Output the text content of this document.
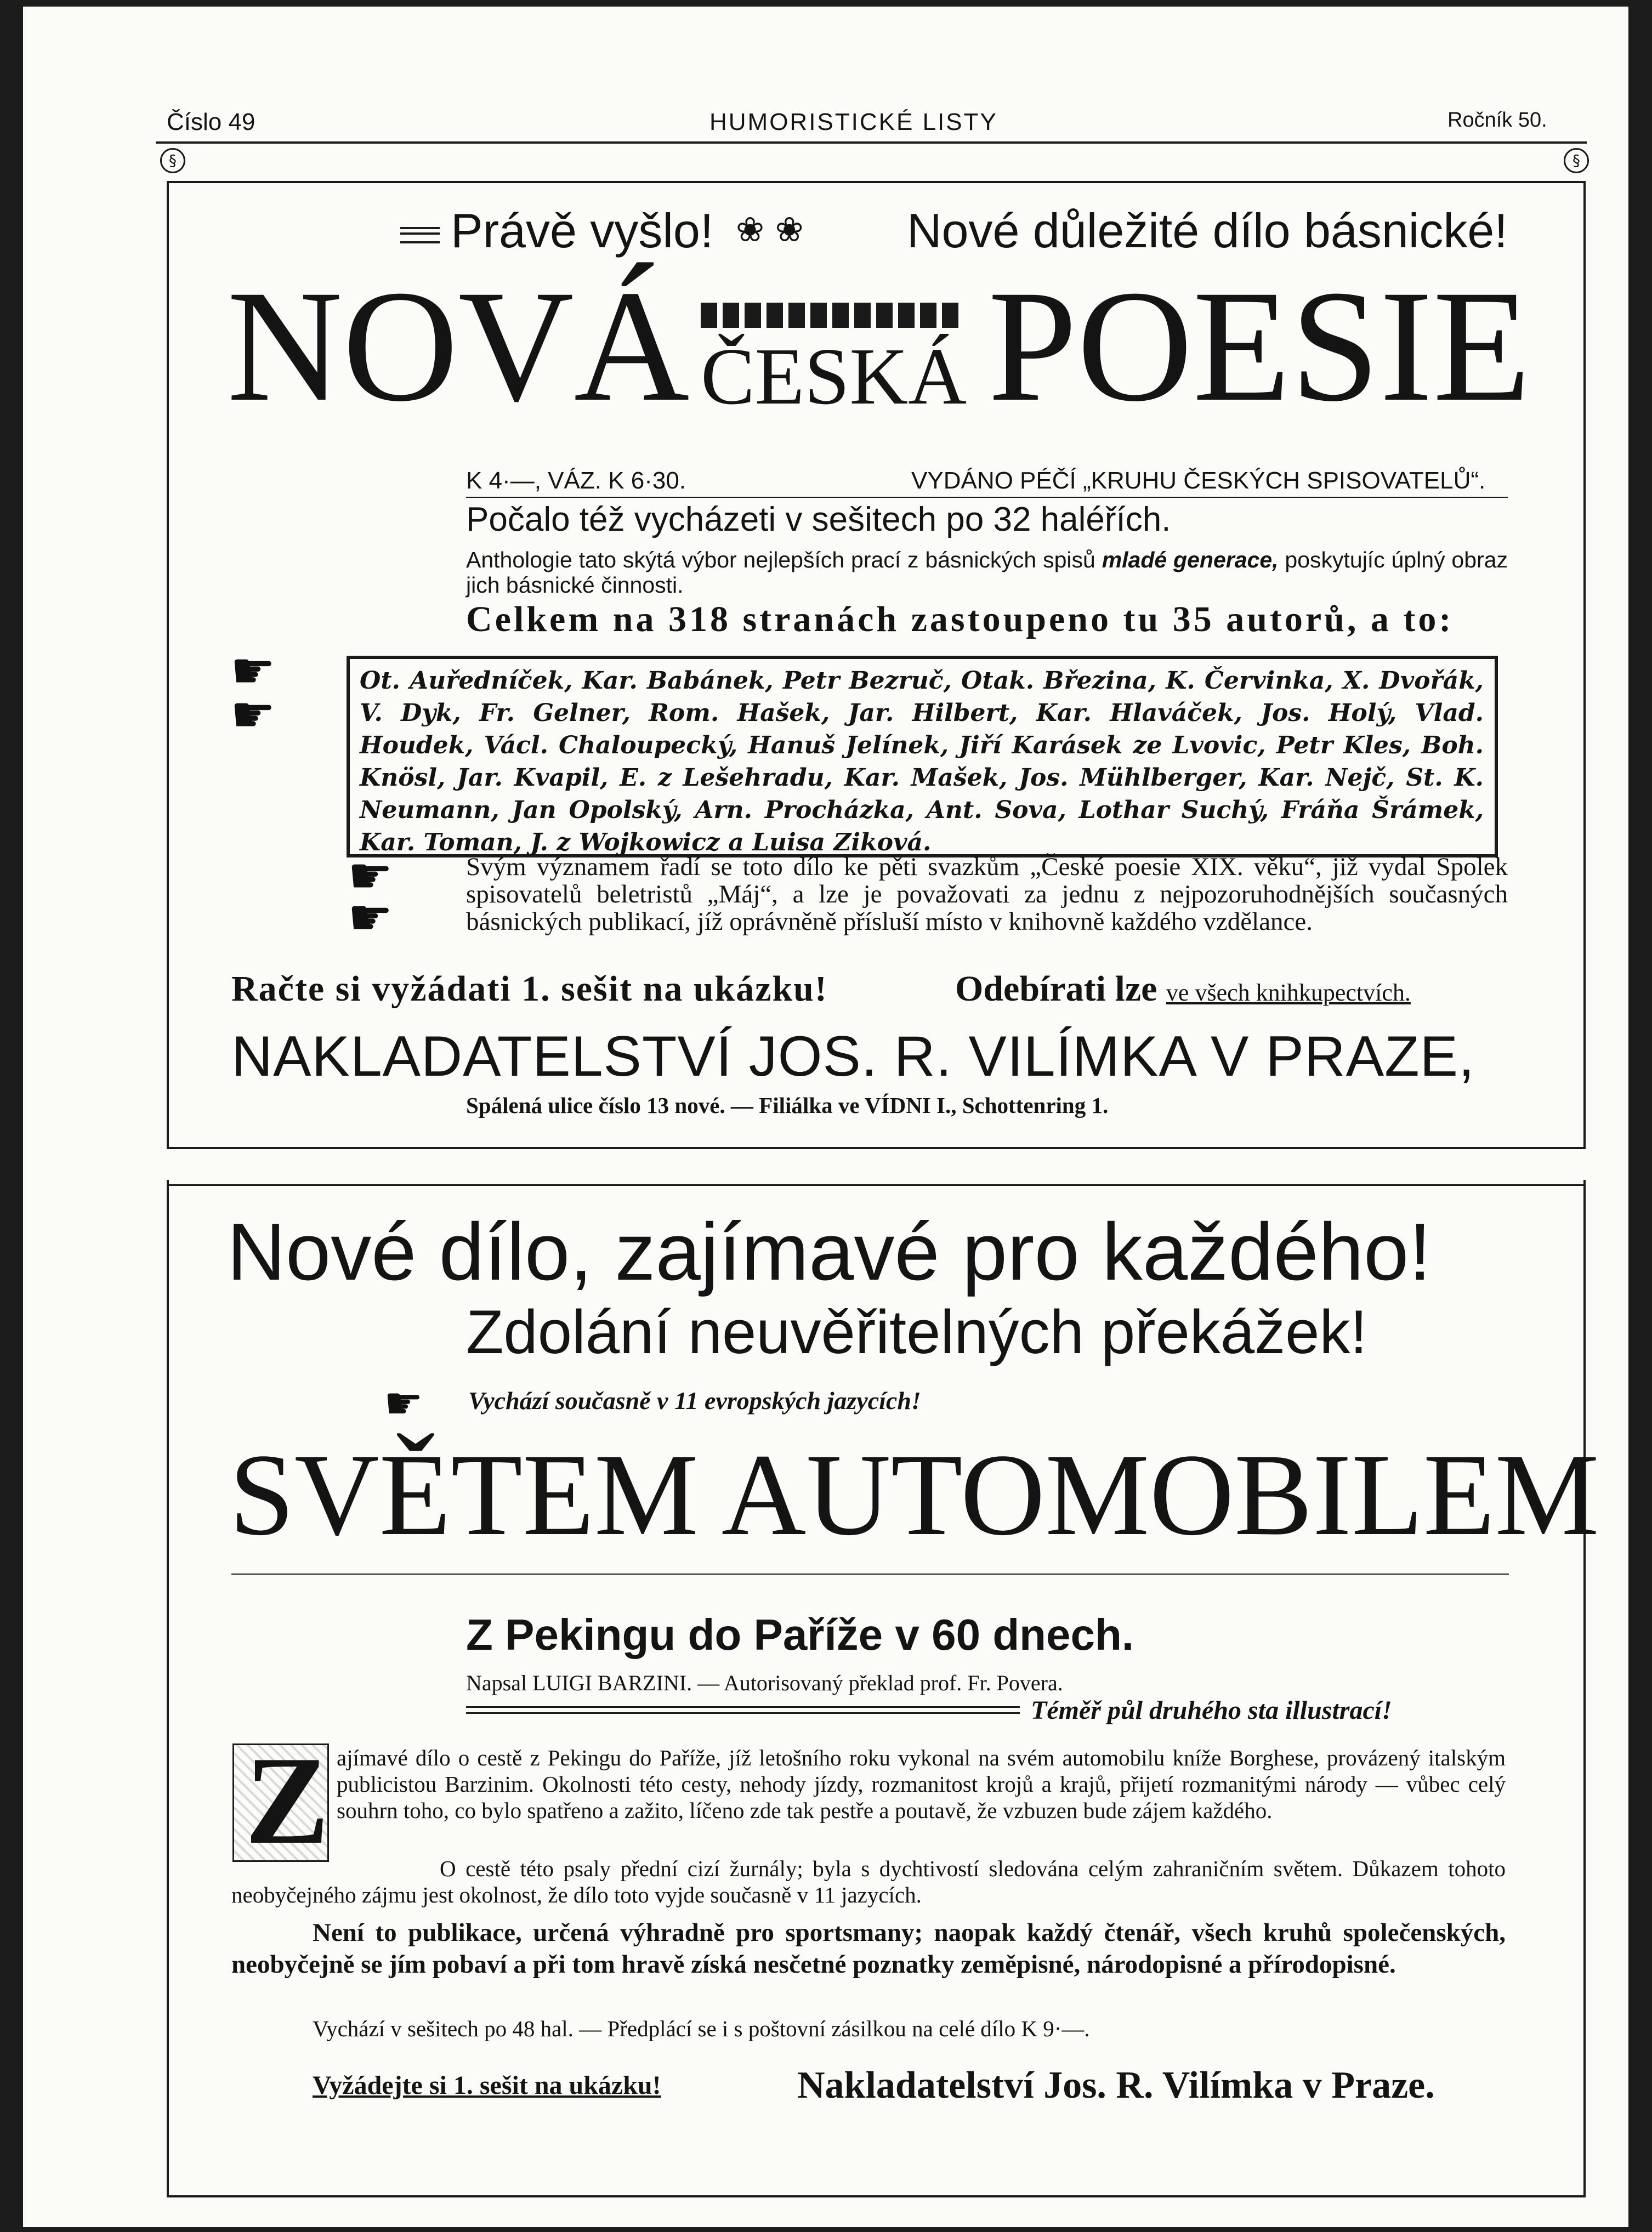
Číslo 49	HUMORISTICKÉ LISTY	Ročník 50.
§	§
Právě vyšlo! ❀ ❀ Nové důležité dílo básnické!
NOVÁ ČESKÁ POESIE
K 4·—, VÁZ. K 6·30.	VYDÁNO PÉČÍ „KRUHU ČESKÝCH SPISOVATELŮ“.
Počalo též vycházeti v sešitech po 32 haléřích.
Anthologie tato skýtá výbor nejlepších prací z básnických spisů mladé generace, poskytujíc úplný obraz jich básnické činnosti.
Celkem na 318 stranách zastoupeno tu 35 autorů, a to:
☛
☛
Ot. Auředníček, Kar. Babánek, Petr Bezruč, Otak. Březina, K. Červinka, X. Dvořák, V. Dyk, Fr. Gelner, Rom. Hašek, Jar. Hilbert, Kar. Hlaváček, Jos. Holý, Vlad. Houdek, Václ. Chaloupecký, Hanuš Jelínek, Jiří Karásek ze Lvovic, Petr Kles, Boh. Knösl, Jar. Kvapil, E. z Lešehradu, Kar. Mašek, Jos. Mühlberger, Kar. Nejč, St. K. Neumann, Jan Opolský, Arn. Procházka, Ant. Sova, Lothar Suchý, Fráňa Šrámek, Kar. Toman, J. z Wojkowicz a Luisa Ziková.
☛
☛
Svým významem řadí se toto dílo ke pěti svazkům „České poesie XIX. věku“, již vydal Spolek spisovatelů beletristů „Máj“, a lze je považovati za jednu z nejpozoruhodnějších současných básnických publikací, jíž oprávněně přísluší místo v knihovně každého vzdělance.
Račte si vyžádati 1. sešit na ukázku!	Odebírati lze ve všech knihkupectvích.
NAKLADATELSTVÍ JOS. R. VILÍMKA V PRAZE,
Spálená ulice číslo 13 nové. — Filiálka ve VÍDNI I., Schottenring 1.
Nové dílo, zajímavé pro každého!
Zdolání neuvěřitelných překážek!
☛ Vychází současně v 11 evropských jazycích!
SVĚTEM AUTOMOBILEM
Z Pekingu do Paříže v 60 dnech.
Napsal LUIGI BARZINI. — Autorisovaný překlad prof. Fr. Povera.
Téměř půl druhého sta illustrací!
Z ajímavé dílo o cestě z Pekingu do Paříže, jíž letošního roku vykonal na svém automobilu kníže Borghese, provázený italským publicistou Barzinim. Okolnosti této cesty, nehody jízdy, rozmanitost krojů a krajů, přijetí rozmanitými národy — vůbec celý souhrn toho, co bylo spatřeno a zažito, líčeno zde tak pestře a poutavě, že vzbuzen bude zájem každého.
O cestě této psaly přední cizí žurnály; byla s dychtivostí sledována celým zahraničním světem. Důkazem tohoto neobyčejného zájmu jest okolnost, že dílo toto vyjde současně v 11 jazycích.
Není to publikace, určená výhradně pro sportsmany; naopak každý čtenář, všech kruhů společenských, neobyčejně se jím pobaví a při tom hravě získá nesčetné poznatky zeměpisné, národopisné a přírodopisné.
Vychází v sešitech po 48 hal. — Předplácí se i s poštovní zásilkou na celé dílo K 9·—.
Vyžádejte si 1. sešit na ukázku!	Nakladatelství Jos. R. Vilímka v Praze.
